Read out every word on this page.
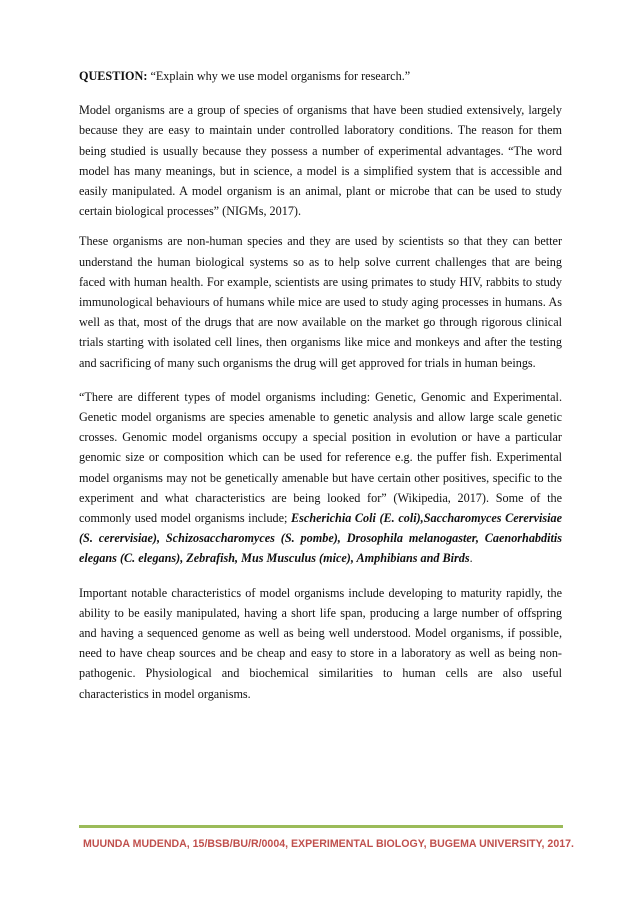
QUESTION: “Explain why we use model organisms for research.”

Model organisms are a group of species of organisms that have been studied extensively, largely because they are easy to maintain under controlled laboratory conditions. The reason for them being studied is usually because they possess a number of experimental advantages. “The word model has many meanings, but in science, a model is a simplified system that is accessible and easily manipulated. A model organism is an animal, plant or microbe that can be used to study certain biological processes” (NIGMs, 2017).

These organisms are non-human species and they are used by scientists so that they can better understand the human biological systems so as to help solve current challenges that are being faced with human health. For example, scientists are using primates to study HIV, rabbits to study immunological behaviours of humans while mice are used to study aging processes in humans. As well as that, most of the drugs that are now available on the market go through rigorous clinical trials starting with isolated cell lines, then organisms like mice and monkeys and after the testing and sacrificing of many such organisms the drug will get approved for trials in human beings.

“There are different types of model organisms including: Genetic, Genomic and Experimental. Genetic model organisms are species amenable to genetic analysis and allow large scale genetic crosses. Genomic model organisms occupy a special position in evolution or have a particular genomic size or composition which can be used for reference e.g. the puffer fish. Experimental model organisms may not be genetically amenable but have certain other positives, specific to the experiment and what characteristics are being looked for” (Wikipedia, 2017). Some of the commonly used model organisms include; Escherichia Coli (E. coli),Saccharomyces Cerervisiae (S. cerervisiae), Schizosaccharomyces (S. pombe), Drosophila melanogaster, Caenorhabditis elegans (C. elegans), Zebrafish, Mus Musculus (mice), Amphibians and Birds.

Important notable characteristics of model organisms include developing to maturity rapidly, the ability to be easily manipulated, having a short life span, producing a large number of offspring and having a sequenced genome as well as being well understood. Model organisms, if possible, need to have cheap sources and be cheap and easy to store in a laboratory as well as being non-pathogenic. Physiological and biochemical similarities to human cells are also useful characteristics in model organisms.

MUUNDA MUDENDA, 15/BSB/BU/R/0004, EXPERIMENTAL BIOLOGY, BUGEMA UNIVERSITY, 2017.
